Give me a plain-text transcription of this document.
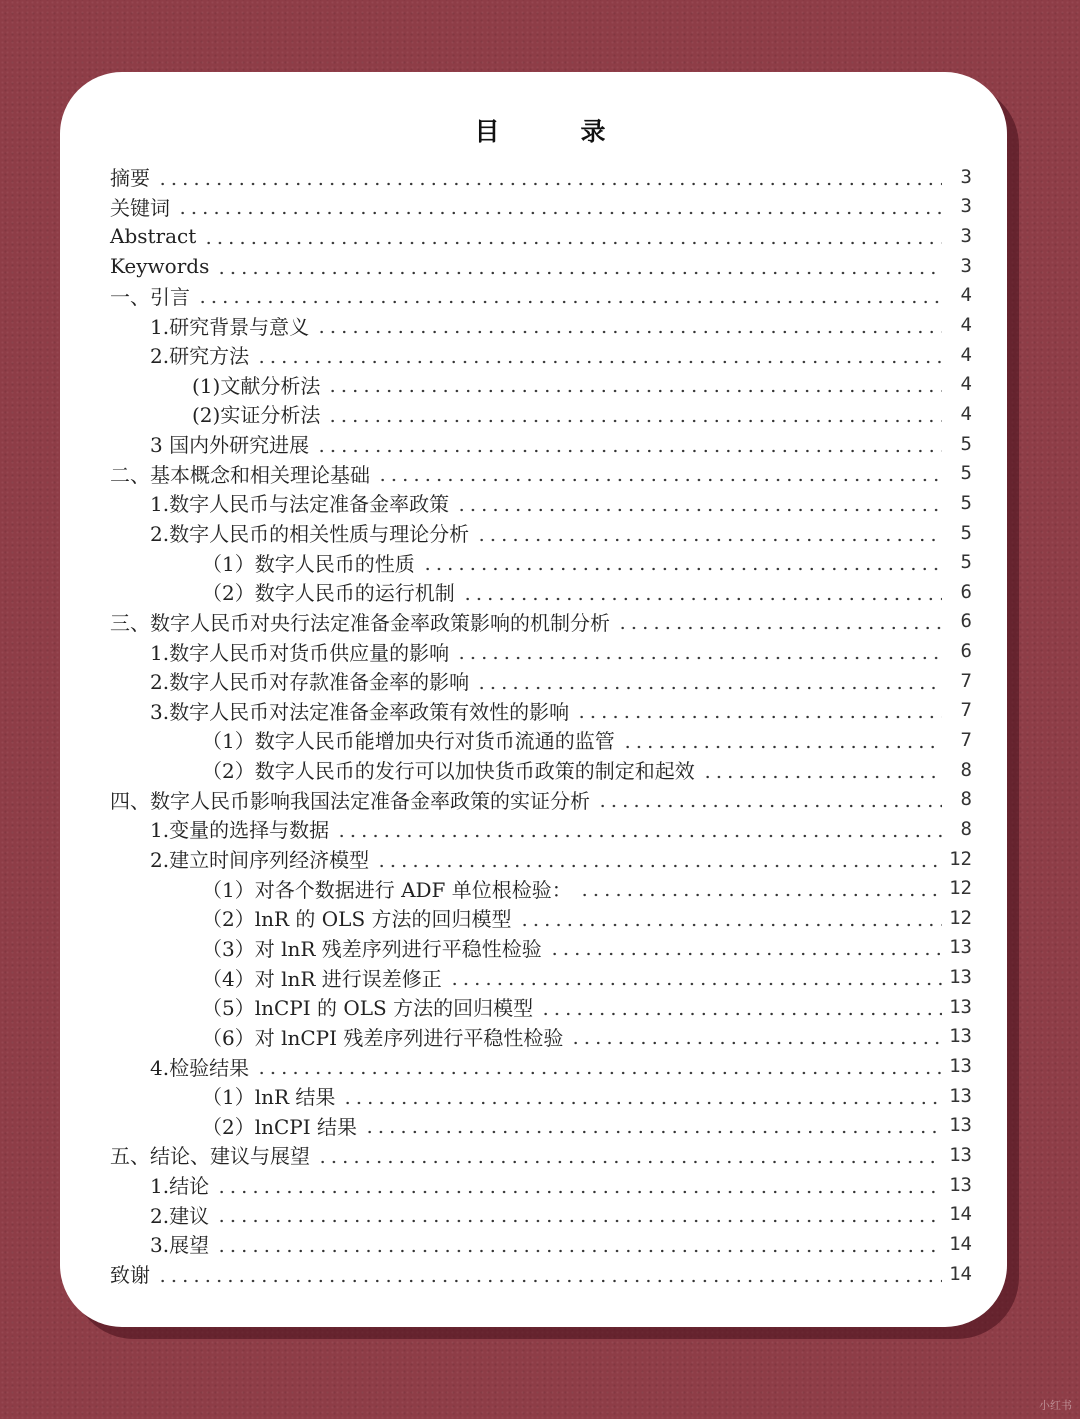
摘要	3
关键词	3
Abstract	3
Keywords	3
一、引言	4
1.研究背景与意义	4
2.研究方法	4
(1)文献分析法	4
(2)实证分析法	4
3 国内外研究进展	5
二、基本概念和相关理论基础	5
1.数字人民币与法定准备金率政策	5
2.数字人民币的相关性质与理论分析	5
（1）数字人民币的性质	5
（2）数字人民币的运行机制	6
三、数字人民币对央行法定准备金率政策影响的机制分析	6
1.数字人民币对货币供应量的影响	6
2.数字人民币对存款准备金率的影响	7
3.数字人民币对法定准备金率政策有效性的影响	7
（1）数字人民币能增加央行对货币流通的监管	7
（2）数字人民币的发行可以加快货币政策的制定和起效	8
四、数字人民币影响我国法定准备金率政策的实证分析	8
1.变量的选择与数据	8
2.建立时间序列经济模型	12
（1）对各个数据进行 ADF 单位根检验：	12
（2）lnR 的 OLS 方法的回归模型	12
（3）对 lnR 残差序列进行平稳性检验	13
（4）对 lnR 进行误差修正	13
（5）lnCPI 的 OLS 方法的回归模型	13
（6）对 lnCPI 残差序列进行平稳性检验	13
4.检验结果	13
（1）lnR 结果	13
（2）lnCPI 结果	13
五、结论、建议与展望	13
1.结论	13
2.建议	14
3.展望	14
致谢	14
目　录
小红书
